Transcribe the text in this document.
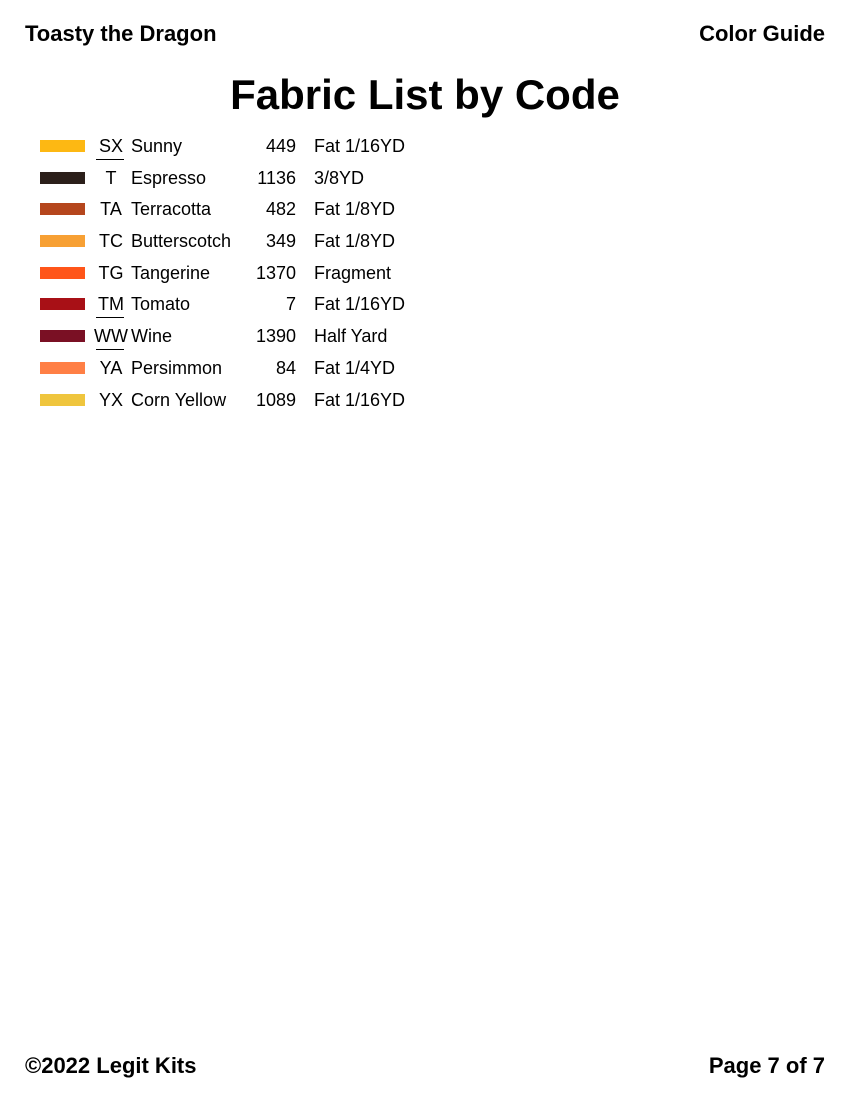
Toasty the Dragon	Color Guide
Fabric List by Code
SX Sunny	449 Fat 1/16YD
T Espresso	1136 3/8YD
TA Terracotta	482 Fat 1/8YD
TC Butterscotch	349 Fat 1/8YD
TG Tangerine	1370 Fragment
TM Tomato	7 Fat 1/16YD
WW Wine	1390 Half Yard
YA Persimmon	84 Fat 1/4YD
YX Corn Yellow	1089 Fat 1/16YD
©2022 Legit Kits	Page 7 of 7
